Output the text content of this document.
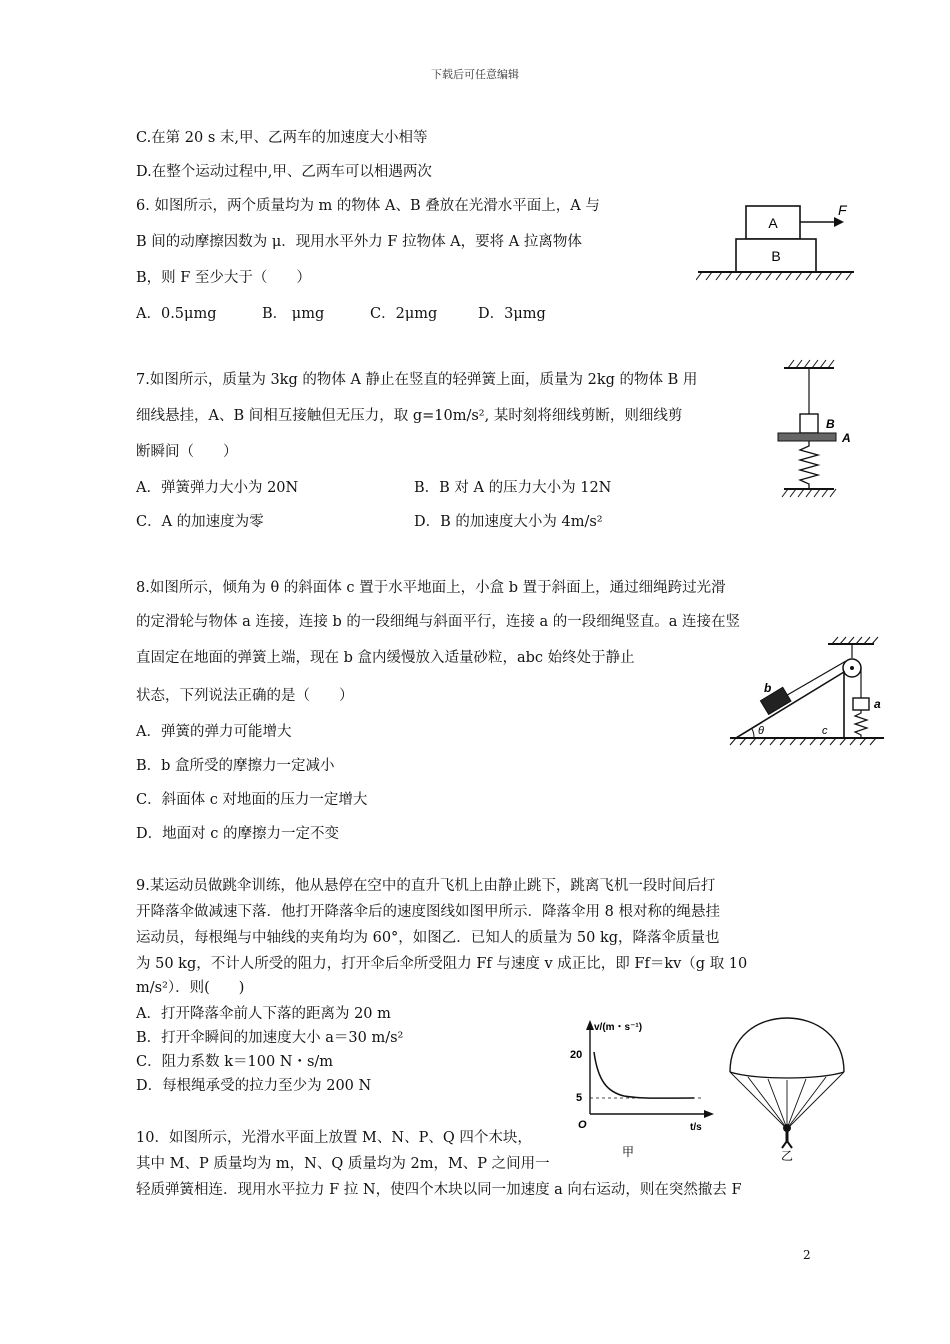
下载后可任意编辑
C.在第 20 s 末,甲、乙两车的加速度大小相等
D.在整个运动过程中,甲、乙两车可以相遇两次
6. 如图所示，两个质量均为 m 的物体 A、B 叠放在光滑水平面上，A 与
B 间的动摩擦因数为 μ．现用水平外力 F 拉物体 A，要将 A 拉离物体
B，则 F 至少大于（　　）
A．0.5μmg	B． μmg	C．2μmg	D．3μmg
A
B
F
7.如图所示，质量为 3kg 的物体 A 静止在竖直的轻弹簧上面，质量为 2kg 的物体 B 用
细线悬挂，A、B 间相互接触但无压力，取 g=10m/s², 某时刻将细线剪断，则细线剪
断瞬间（　　）
A．弹簧弹力大小为 20N	B．B 对 A 的压力大小为 12N
C．A 的加速度为零	D．B 的加速度大小为 4m/s²
B
A
8.如图所示，倾角为 θ 的斜面体 c 置于水平地面上，小盒 b 置于斜面上，通过细绳跨过光滑
的定滑轮与物体 a 连接，连接 b 的一段细绳与斜面平行，连接 a 的一段细绳竖直。a 连接在竖
直固定在地面的弹簧上端，现在 b 盒内缓慢放入适量砂粒，abc 始终处于静止
状态，下列说法正确的是（　　）
A．弹簧的弹力可能增大
B．b 盒所受的摩擦力一定减小
C．斜面体 c 对地面的压力一定增大
D．地面对 c 的摩擦力一定不变
b
θ	c
a
9.某运动员做跳伞训练，他从悬停在空中的直升飞机上由静止跳下，跳离飞机一段时间后打
开降落伞做减速下落．他打开降落伞后的速度图线如图甲所示．降落伞用 8 根对称的绳悬挂
运动员，每根绳与中轴线的夹角均为 60°，如图乙．已知人的质量为 50 kg，降落伞质量也
为 50 kg，不计人所受的阻力，打开伞后伞所受阻力 Ff 与速度 v 成正比，即 Ff＝kv（g 取 10
m/s²）．则(　　)
A．打开降落伞前人下落的距离为 20 m
B．打开伞瞬间的加速度大小 a＝30 m/s²
C．阻力系数 k＝100 N・s/m
D．每根绳承受的拉力至少为 200 N
v/(m・s⁻¹)
t/s
O
20
5
甲	乙
10．如图所示，光滑水平面上放置 M、N、P、Q 四个木块，
其中 M、P 质量均为 m，N、Q 质量均为 2m，M、P 之间用一
轻质弹簧相连．现用水平拉力 F 拉 N，使四个木块以同一加速度 a 向右运动，则在突然撤去 F
2
